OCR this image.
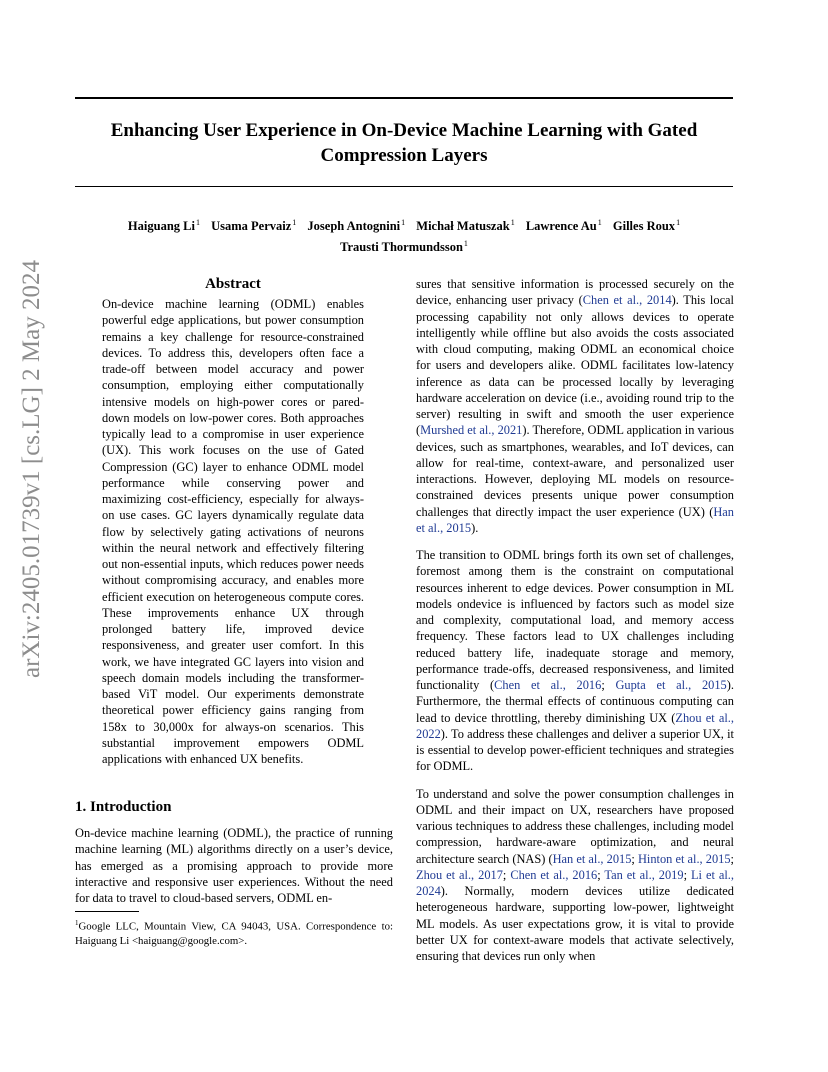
Enhancing User Experience in On-Device Machine Learning with Gated
Compression Layers
Haiguang Li$^1$ Usama Pervaiz$^1$ Joseph Antognini$^1$ Michał Matuszak$^1$ Lawrence Au$^1$ Gilles Roux$^1$
Trausti Thormundsson$^1$
arXiv:2405.01739v1 [cs.LG] 2 May 2024	Abstract
On-device machine learning (ODML) enables powerful edge applications, but power consumption remains a key challenge for resource-constrained devices. To address this, developers often face a trade-off between model accuracy and power consumption, employing either computationally intensive models on high-power cores or pared-down models on low-power cores. Both approaches typically lead to a compromise in user experience (UX). This work focuses on the use of Gated Compression (GC) layer to enhance ODML model performance while conserving power and maximizing cost-efficiency, especially for always-on use cases. GC layers dynamically regulate data flow by selectively gating activations of neurons within the neural network and effectively filtering out non-essential inputs, which reduces power needs without compromising accuracy, and enables more efficient execution on heterogeneous compute cores. These improvements enhance UX through prolonged battery life, improved device responsiveness, and greater user comfort. In this work, we have integrated GC layers into vision and speech domain models including the transformer-based ViT model. Our experiments demonstrate theoretical power efficiency gains ranging from 158x to 30,000x for always-on scenarios. This substantial improvement empowers ODML applications with enhanced UX benefits.
1. Introduction
On-device machine learning (ODML), the practice of running machine learning (ML) algorithms directly on a user’s device, has emerged as a promising approach to provide more interactive and responsive user experiences. Without the need for data to travel to cloud-based servers, ODML en-
$^1$Google LLC, Mountain View, CA 94043, USA. Correspondence to: Haiguang Li <haiguang@google.com>.

sures that sensitive information is processed securely on the device, enhancing user privacy (Chen et al., 2014). This local processing capability not only allows devices to operate intelligently while offline but also avoids the costs associated with cloud computing, making ODML an economical choice for users and developers alike. ODML facilitates low-latency inference as data can be processed locally by leveraging hardware acceleration on device (i.e., avoiding round trip to the server) resulting in swift and smooth the user experience (Murshed et al., 2021). Therefore, ODML application in various devices, such as smartphones, wearables, and IoT devices, can allow for real-time, context-aware, and personalized user interactions. However, deploying ML models on resource-constrained devices presents unique power consumption challenges that directly impact the user experience (UX) (Han et al., 2015).

The transition to ODML brings forth its own set of challenges, foremost among them is the constraint on computational resources inherent to edge devices. Power consumption in ML models ondevice is influenced by factors such as model size and complexity, computational load, and memory access frequency. These factors lead to UX challenges including reduced battery life, inadequate storage and memory, performance trade-offs, decreased responsiveness, and limited functionality (Chen et al., 2016; Gupta et al., 2015). Furthermore, the thermal effects of continuous computing can lead to device throttling, thereby diminishing UX (Zhou et al., 2022). To address these challenges and deliver a superior UX, it is essential to develop power-efficient techniques and strategies for ODML.

To understand and solve the power consumption challenges in ODML and their impact on UX, researchers have proposed various techniques to address these challenges, including model compression, hardware-aware optimization, and neural architecture search (NAS) (Han et al., 2015; Hinton et al., 2015; Zhou et al., 2017; Chen et al., 2016; Tan et al., 2019; Li et al., 2024). Normally, modern devices utilize dedicated heterogeneous hardware, supporting low-power, lightweight ML models. As user expectations grow, it is vital to provide better UX for context-aware models that activate selectively, ensuring that devices run only when
